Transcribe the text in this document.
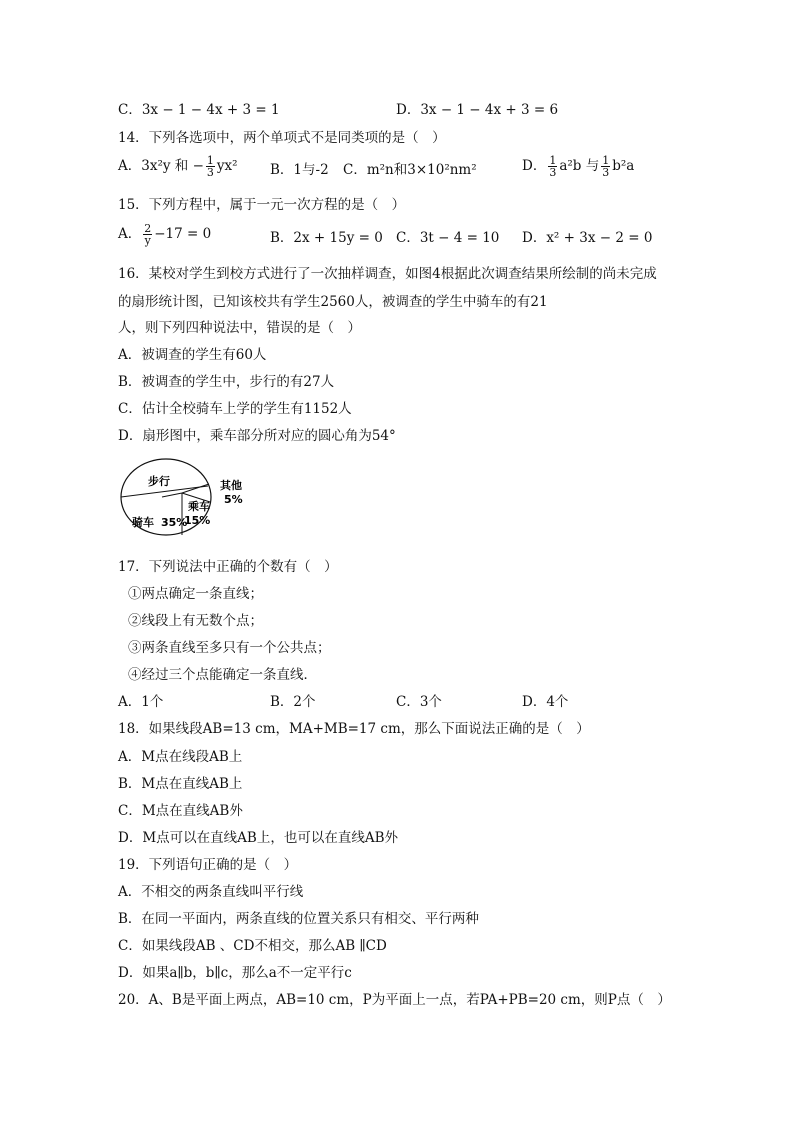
C．3x − 1 − 4x + 3 = 1	D．3x − 1 − 4x + 3 = 6
14．下列各选项中，两个单项式不是同类项的是（　）
A．3x²y 和 − $\frac{1}{3} yx^2$ B．1与-2 C．m²n和3×10²nm²	D． $\frac{1}{3} a^2b$ 与 $\frac{1}{3} b^2a$
15．下列方程中，属于一元一次方程的是（　）
A． $\frac{2}{y} -17 = 0$	B．2x + 15y = 0 C．3t − 4 = 10 D．x² + 3x − 2 = 0
16．某校对学生到校方式进行了一次抽样调查，如图4根据此次调查结果所绘制的尚未完成
的扇形统计图，已知该校共有学生2560人，被调查的学生中骑车的有21
人，则下列四种说法中，错误的是（　）
A．被调查的学生有60人
B．被调查的学生中，步行的有27人
C．估计全校骑车上学的学生有1152人
D．扇形图中，乘车部分所对应的圆心角为54°
步行	其他
5%
乘车
15%
骑车 35%
17．下列说法中正确的个数有（　）
①两点确定一条直线；
②线段上有无数个点；
③两条直线至多只有一个公共点；
④经过三个点能确定一条直线．
A．1个	B．2个	C．3个	D．4个
18．如果线段AB=13 cm，MA+MB=17 cm，那么下面说法正确的是（　）
A．M点在线段AB上
B．M点在直线AB上
C．M点在直线AB外
D．M点可以在直线AB上，也可以在直线AB外
19．下列语句正确的是（　）
A．不相交的两条直线叫平行线
B．在同一平面内，两条直线的位置关系只有相交、平行两种
C．如果线段AB 、CD不相交，那么AB ∥CD
D．如果a∥b，b∥c，那么a不一定平行c
20．A、B是平面上两点，AB=10 cm，P为平面上一点，若PA+PB=20 cm，则P点（　）
